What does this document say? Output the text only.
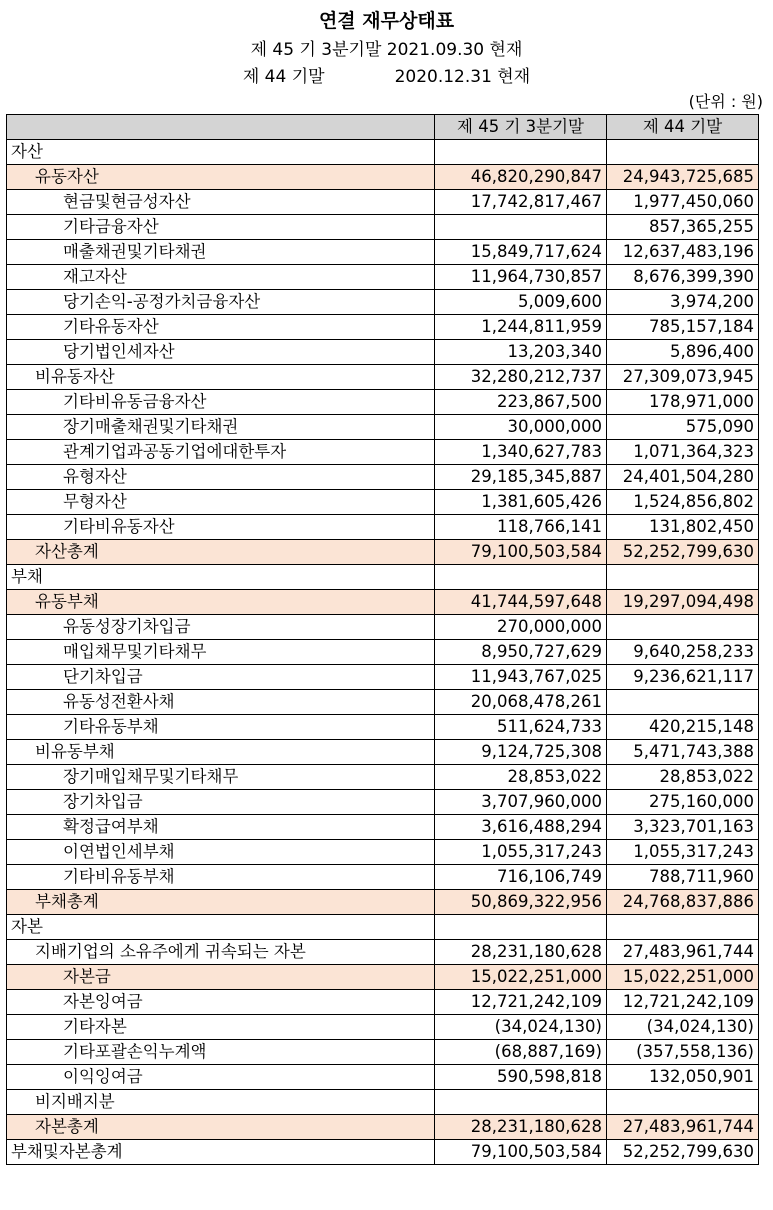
연결 재무상태표
제 45 기 3분기말 2021.09.30 현재
제 44 기말	2020.12.31 현재
(단위 : 원)
	제 45 기 3분기말	제 44 기말
자산		
유동자산	46,820,290,847	24,943,725,685
현금및현금성자산	17,742,817,467	1,977,450,060
기타금융자산		857,365,255
매출채권및기타채권	15,849,717,624	12,637,483,196
재고자산	11,964,730,857	8,676,399,390
당기손익-공정가치금융자산	5,009,600	3,974,200
기타유동자산	1,244,811,959	785,157,184
당기법인세자산	13,203,340	5,896,400
비유동자산	32,280,212,737	27,309,073,945
기타비유동금융자산	223,867,500	178,971,000
장기매출채권및기타채권	30,000,000	575,090
관계기업과공동기업에대한투자	1,340,627,783	1,071,364,323
유형자산	29,185,345,887	24,401,504,280
무형자산	1,381,605,426	1,524,856,802
기타비유동자산	118,766,141	131,802,450
자산총계	79,100,503,584	52,252,799,630
부채		
유동부채	41,744,597,648	19,297,094,498
유동성장기차입금	270,000,000	
매입채무및기타채무	8,950,727,629	9,640,258,233
단기차입금	11,943,767,025	9,236,621,117
유동성전환사채	20,068,478,261	
기타유동부채	511,624,733	420,215,148
비유동부채	9,124,725,308	5,471,743,388
장기매입채무및기타채무	28,853,022	28,853,022
장기차입금	3,707,960,000	275,160,000
확정급여부채	3,616,488,294	3,323,701,163
이연법인세부채	1,055,317,243	1,055,317,243
기타비유동부채	716,106,749	788,711,960
부채총계	50,869,322,956	24,768,837,886
자본		
지배기업의 소유주에게 귀속되는 자본	28,231,180,628	27,483,961,744
자본금	15,022,251,000	15,022,251,000
자본잉여금	12,721,242,109	12,721,242,109
기타자본	(34,024,130)	(34,024,130)
기타포괄손익누계액	(68,887,169)	(357,558,136)
이익잉여금	590,598,818	132,050,901
비지배지분		
자본총계	28,231,180,628	27,483,961,744
부채및자본총계	79,100,503,584	52,252,799,630
